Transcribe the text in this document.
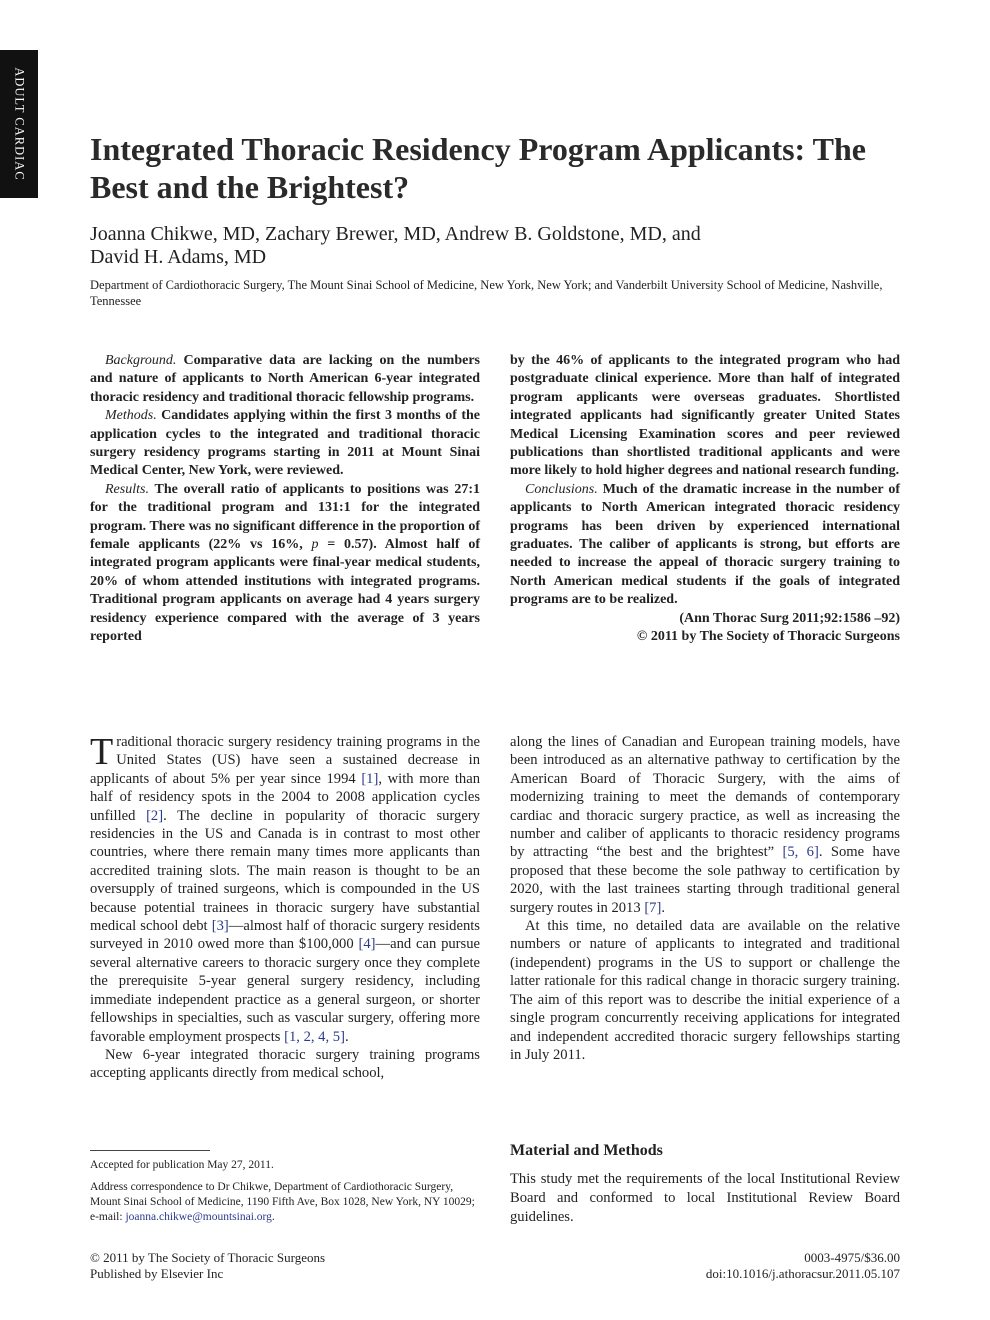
ADULT CARDIAC Integrated Thoracic Residency Program Applicants: The Best and the Brightest?

Joanna Chikwe, MD, Zachary Brewer, MD, Andrew B. Goldstone, MD, and
David H. Adams, MD

Department of Cardiothoracic Surgery, The Mount Sinai School of Medicine, New York, New York; and Vanderbilt University School of Medicine, Nashville, Tennessee

Background. Comparative data are lacking on the numbers and nature of applicants to North American 6-year integrated thoracic residency and traditional thoracic fellowship programs.

Methods. Candidates applying within the first 3 months of the application cycles to the integrated and traditional thoracic surgery residency programs starting in 2011 at Mount Sinai Medical Center, New York, were reviewed.

Results. The overall ratio of applicants to positions was 27:1 for the traditional program and 131:1 for the integrated program. There was no significant difference in the proportion of female applicants (22% vs 16%, p = 0.57). Almost half of integrated program applicants were final-year medical students, 20% of whom attended institutions with integrated programs. Traditional program applicants on average had 4 years surgery residency experience compared with the average of 3 years reported

by the 46% of applicants to the integrated program who had postgraduate clinical experience. More than half of integrated program applicants were overseas graduates. Shortlisted integrated applicants had significantly greater United States Medical Licensing Examination scores and peer reviewed publications than shortlisted traditional applicants and were more likely to hold higher degrees and national research funding.

Conclusions. Much of the dramatic increase in the number of applicants to North American integrated thoracic residency programs has been driven by experienced international graduates. The caliber of applicants is strong, but efforts are needed to increase the appeal of thoracic surgery training to North American medical students if the goals of integrated programs are to be realized.

(Ann Thorac Surg 2011;92:1586 –92)

© 2011 by The Society of Thoracic Surgeons

Traditional thoracic surgery residency training programs in the United States (US) have seen a sustained decrease in applicants of about 5% per year since 1994 [1], with more than half of residency spots in the 2004 to 2008 application cycles unfilled [2]. The decline in popularity of thoracic surgery residencies in the US and Canada is in contrast to most other countries, where there remain many times more applicants than accredited training slots. The main reason is thought to be an oversupply of trained surgeons, which is compounded in the US because potential trainees in thoracic surgery have substantial medical school debt [3]—almost half of thoracic surgery residents surveyed in 2010 owed more than $100,000 [4]—and can pursue several alternative careers to thoracic surgery once they complete the prerequisite 5-year general surgery residency, including immediate independent practice as a general surgeon, or shorter fellowships in specialties, such as vascular surgery, offering more favorable employment prospects [1, 2, 4, 5].

New 6-year integrated thoracic surgery training programs accepting applicants directly from medical school,

along the lines of Canadian and European training models, have been introduced as an alternative pathway to certification by the American Board of Thoracic Surgery, with the aims of modernizing training to meet the demands of contemporary cardiac and thoracic surgery practice, as well as increasing the number and caliber of applicants to thoracic residency programs by attracting “the best and the brightest” [5, 6]. Some have proposed that these become the sole pathway to certification by 2020, with the last trainees starting through traditional general surgery routes in 2013 [7].

At this time, no detailed data are available on the relative numbers or nature of applicants to integrated and traditional (independent) programs in the US to support or challenge the latter rationale for this radical change in thoracic surgery training. The aim of this report was to describe the initial experience of a single program concurrently receiving applications for integrated and independent accredited thoracic surgery fellowships starting in July 2011.

Material and Methods

This study met the requirements of the local Institutional Review Board and conformed to local Institutional Review Board guidelines.

Accepted for publication May 27, 2011.

Address correspondence to Dr Chikwe, Department of Cardiothoracic Surgery, Mount Sinai School of Medicine, 1190 Fifth Ave, Box 1028, New York, NY 10029; e-mail: joanna.chikwe@mountsinai.org.

© 2011 by The Society of Thoracic Surgeons
Published by Elsevier Inc
0003-4975/$36.00
doi:10.1016/j.athoracsur.2011.05.107
